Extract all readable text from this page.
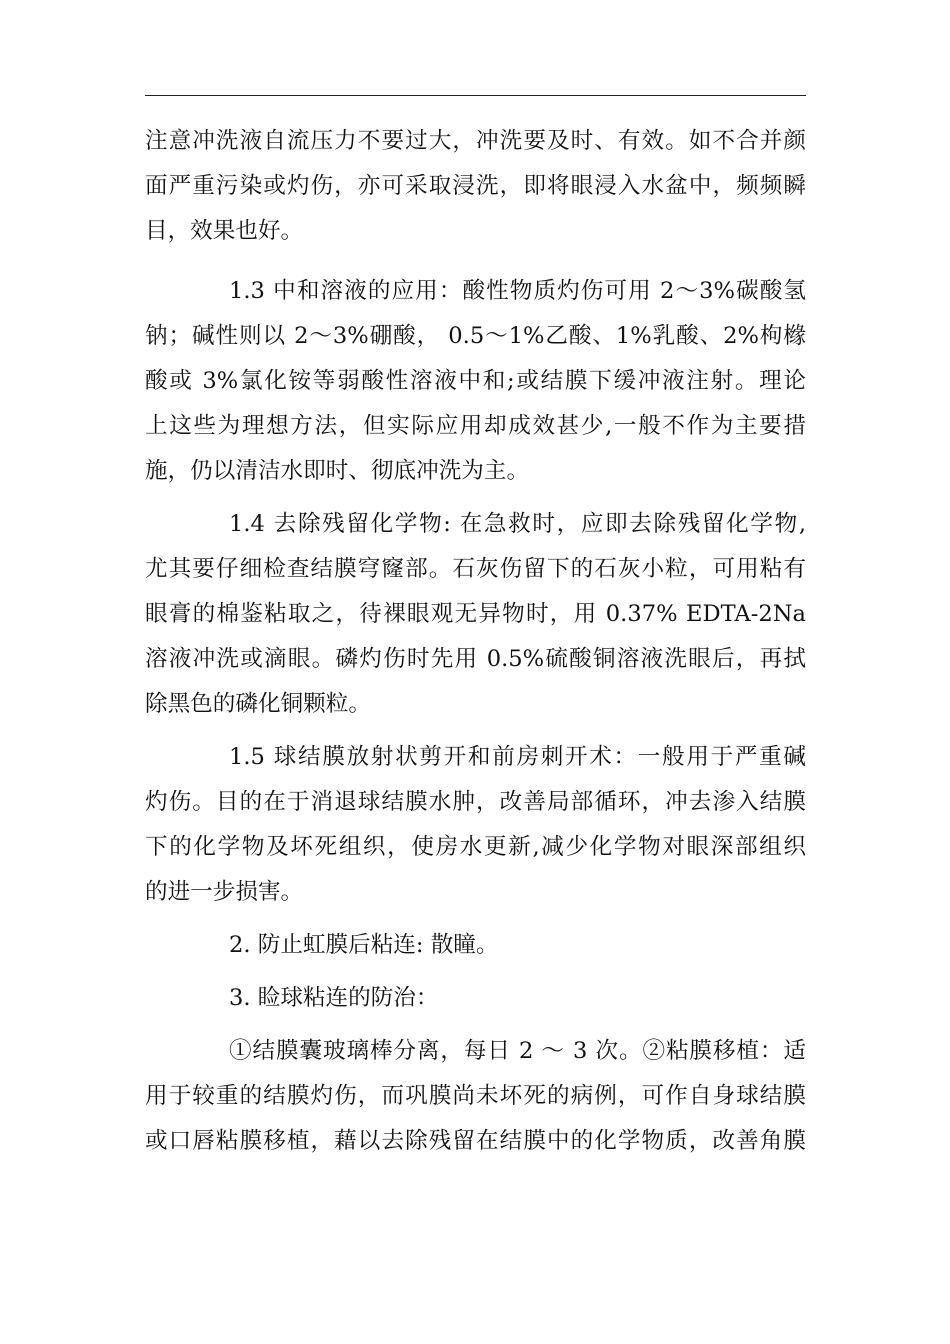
注意冲洗液自流压力不要过大，冲洗要及时、有效。如不合并颜
面严重污染或灼伤，亦可采取浸洗，即将眼浸入水盆中，频频瞬
目，效果也好。
1.3 中和溶液的应用：酸性物质灼伤可用 2～3%碳酸氢
钠；碱性则以 2～3%硼酸， 0.5～1%乙酸、1%乳酸、2%枸橼
酸或 3%氯化铵等弱酸性溶液中和;或结膜下缓冲液注射。理论
上这些为理想方法，但实际应用却成效甚少,一般不作为主要措
施，仍以清洁水即时、彻底冲洗为主。
1.4 去除残留化学物: 在急救时，应即去除残留化学物,
尤其要仔细检查结膜穹窿部。石灰伤留下的石灰小粒，可用粘有
眼膏的棉鉴粘取之，待裸眼观无异物时，用 0.37% EDTA-2Na
溶液冲洗或滴眼。磷灼伤时先用 0.5%硫酸铜溶液洗眼后，再拭
除黑色的磷化铜颗粒。
1.5 球结膜放射状剪开和前房刺开术：一般用于严重碱
灼伤。目的在于消退球结膜水肿，改善局部循环，冲去渗入结膜
下的化学物及坏死组织，使房水更新,减少化学物对眼深部组织
的进一步损害。
2. 防止虹膜后粘连: 散瞳。
3. 睑球粘连的防治：
①结膜囊玻璃棒分离，每日 2 ～ 3 次。②粘膜移植：适
用于较重的结膜灼伤，而巩膜尚未坏死的病例，可作自身球结膜
或口唇粘膜移植，藉以去除残留在结膜中的化学物质，改善角膜
